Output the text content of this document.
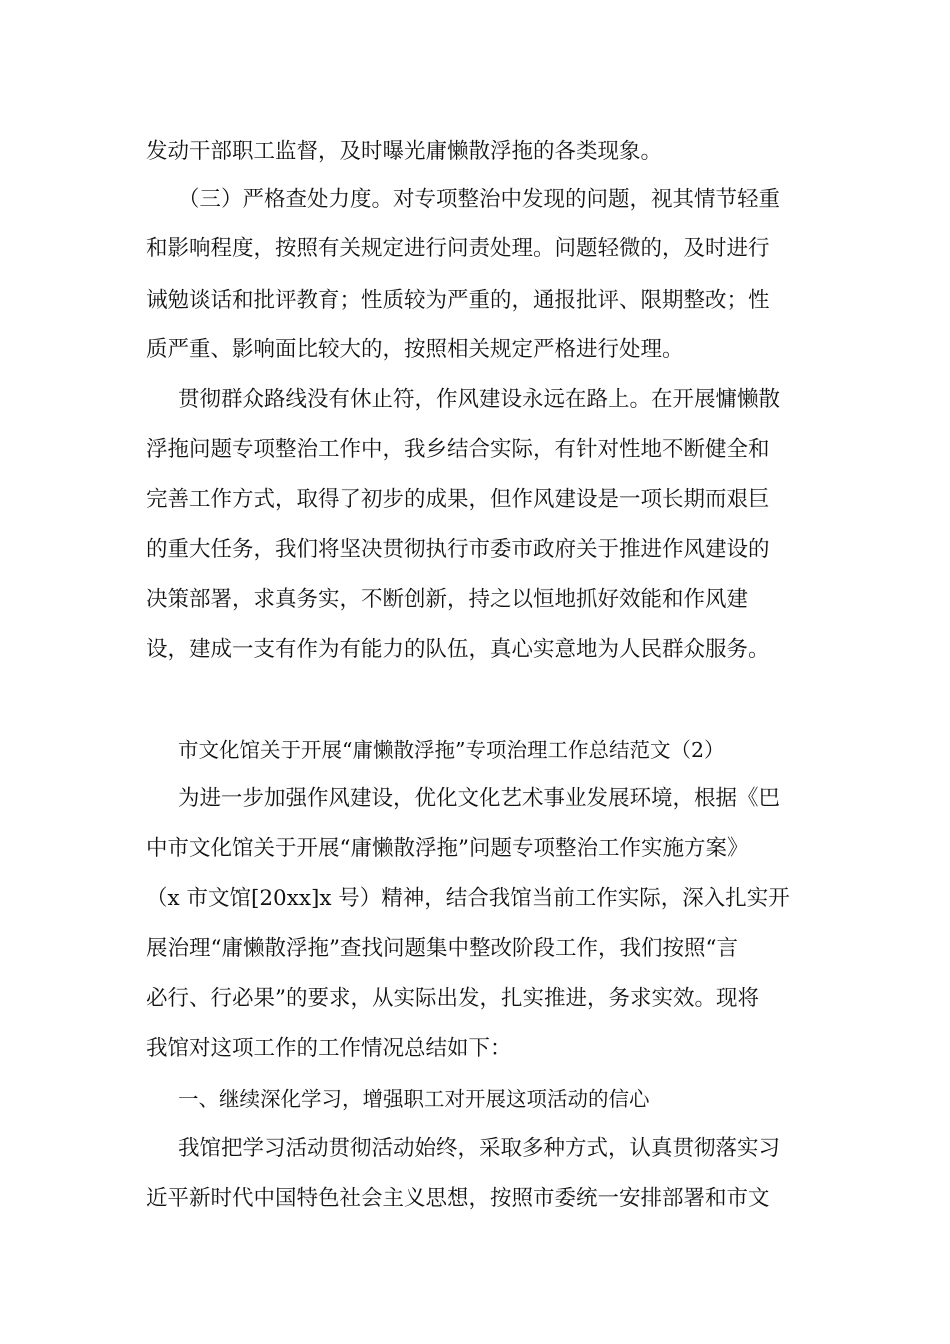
发动干部职工监督，及时曝光庸懒散浮拖的各类现象。
（三）严格查处力度。对专项整治中发现的问题，视其情节轻重
和影响程度，按照有关规定进行问责处理。问题轻微的，及时进行
诫勉谈话和批评教育；性质较为严重的，通报批评、限期整改；性
质严重、影响面比较大的，按照相关规定严格进行处理。
贯彻群众路线没有休止符，作风建设永远在路上。在开展慵懒散
浮拖问题专项整治工作中，我乡结合实际，有针对性地不断健全和
完善工作方式，取得了初步的成果，但作风建设是一项长期而艰巨
的重大任务，我们将坚决贯彻执行市委市政府关于推进作风建设的
决策部署，求真务实，不断创新，持之以恒地抓好效能和作风建
设，建成一支有作为有能力的队伍，真心实意地为人民群众服务。
市文化馆关于开展“庸懒散浮拖”专项治理工作总结范文（2）
为进一步加强作风建设，优化文化艺术事业发展环境，根据《巴
中市文化馆关于开展“庸懒散浮拖”问题专项整治工作实施方案》
（x 市文馆[20xx]x 号）精神，结合我馆当前工作实际，深入扎实开
展治理“庸懒散浮拖”查找问题集中整改阶段工作，我们按照“言
必行、行必果”的要求，从实际出发，扎实推进，务求实效。现将
我馆对这项工作的工作情况总结如下：
一、继续深化学习，增强职工对开展这项活动的信心
我馆把学习活动贯彻活动始终，采取多种方式，认真贯彻落实习
近平新时代中国特色社会主义思想，按照市委统一安排部署和市文
